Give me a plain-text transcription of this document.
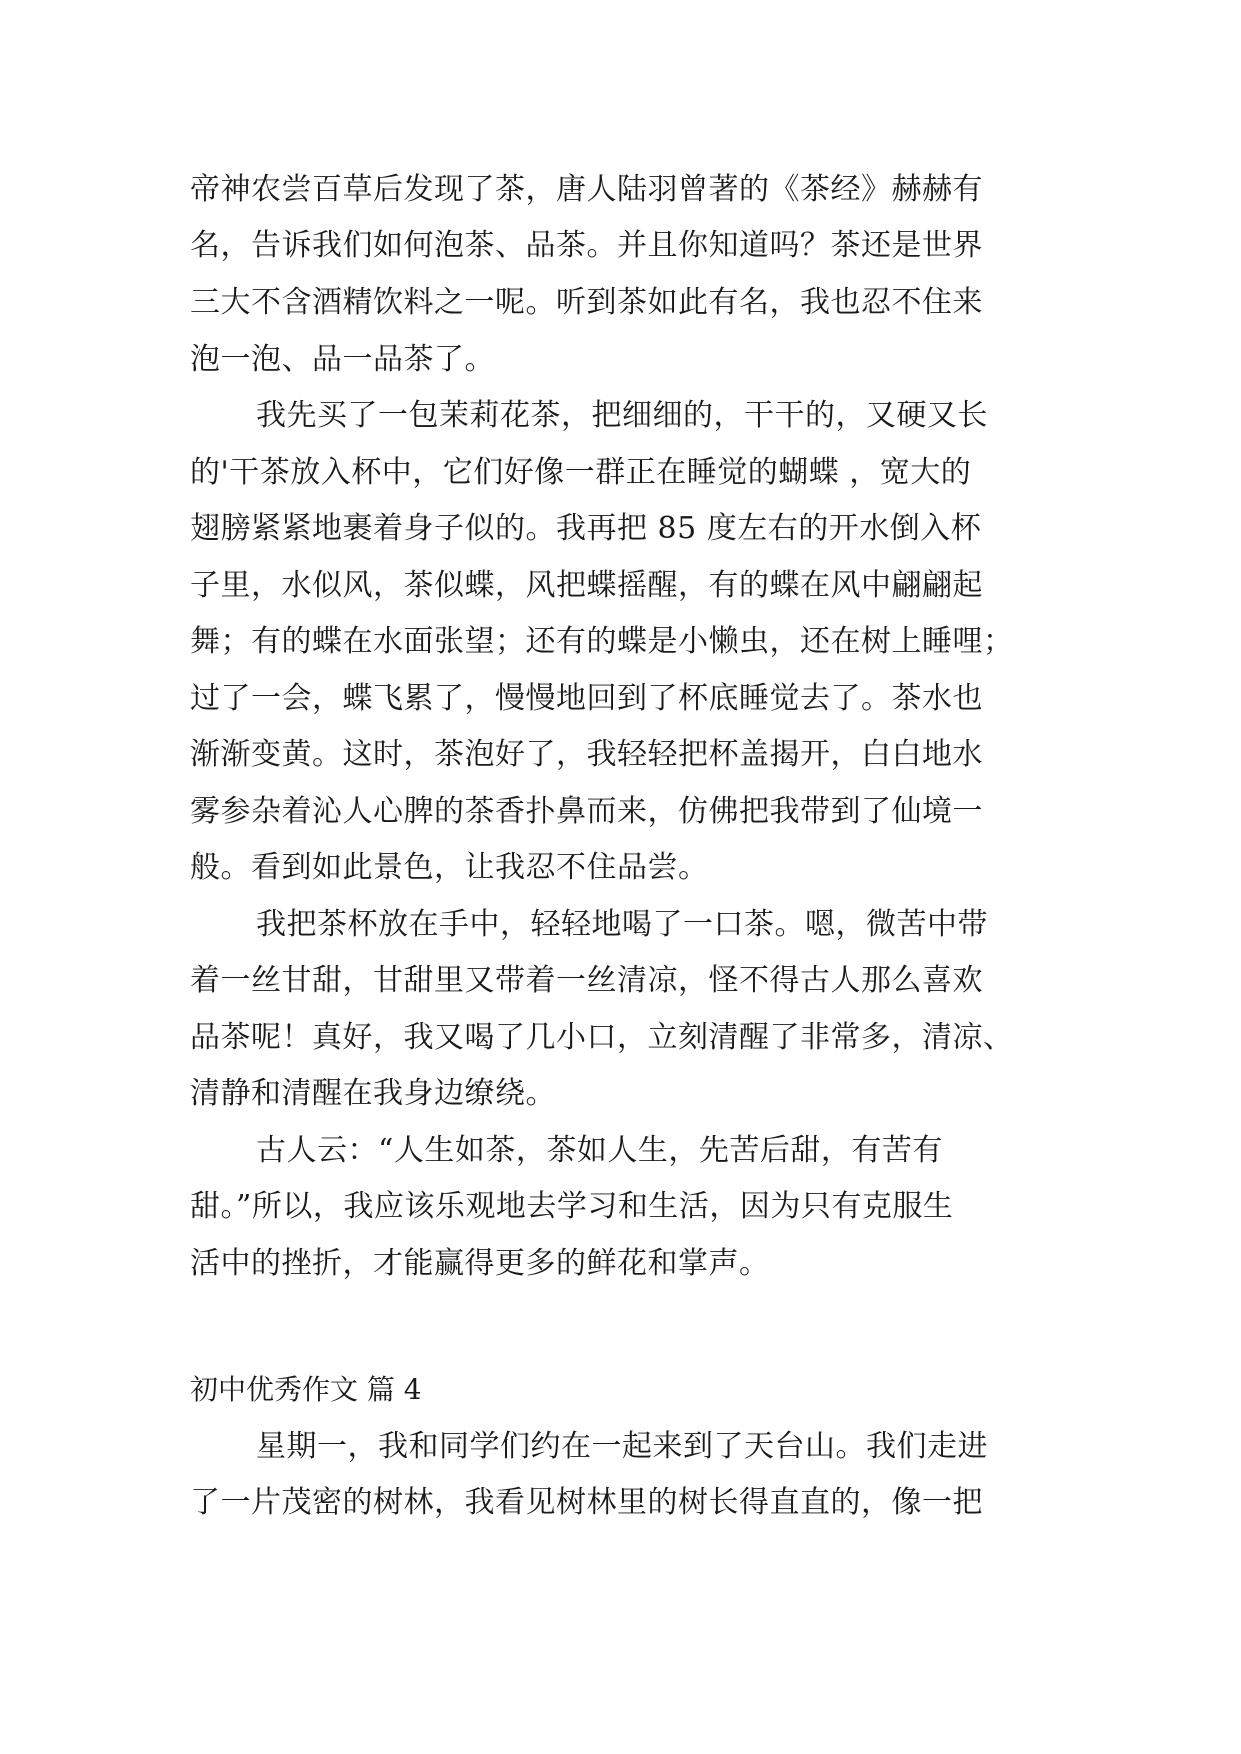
帝神农尝百草后发现了茶，唐人陆羽曾著的《茶经》赫赫有
名，告诉我们如何泡茶、品茶。并且你知道吗？茶还是世界
三大不含酒精饮料之一呢。听到茶如此有名，我也忍不住来
泡一泡、品一品茶了。
我先买了一包茉莉花茶，把细细的，干干的，又硬又长
的'干茶放入杯中，它们好像一群正在睡觉的蝴蝶 ，宽大的
翅膀紧紧地裹着身子似的。我再把 85 度左右的开水倒入杯
子里，水似风，茶似蝶，风把蝶摇醒，有的蝶在风中翩翩起
舞；有的蝶在水面张望；还有的蝶是小懒虫，还在树上睡哩；
过了一会，蝶飞累了，慢慢地回到了杯底睡觉去了。茶水也
渐渐变黄。这时，茶泡好了，我轻轻把杯盖揭开，白白地水
雾参杂着沁人心脾的茶香扑鼻而来，仿佛把我带到了仙境一
般。看到如此景色，让我忍不住品尝。
我把茶杯放在手中，轻轻地喝了一口茶。嗯，微苦中带
着一丝甘甜，甘甜里又带着一丝清凉，怪不得古人那么喜欢
品茶呢！真好，我又喝了几小口，立刻清醒了非常多，清凉、
清静和清醒在我身边缭绕。
古人云：“人生如茶，茶如人生，先苦后甜，有苦有
甜。”所以，我应该乐观地去学习和生活，因为只有克服生
活中的挫折，才能赢得更多的鲜花和掌声。
初中优秀作文 篇 4
星期一，我和同学们约在一起来到了天台山。我们走进
了一片茂密的树林，我看见树林里的树长得直直的，像一把
